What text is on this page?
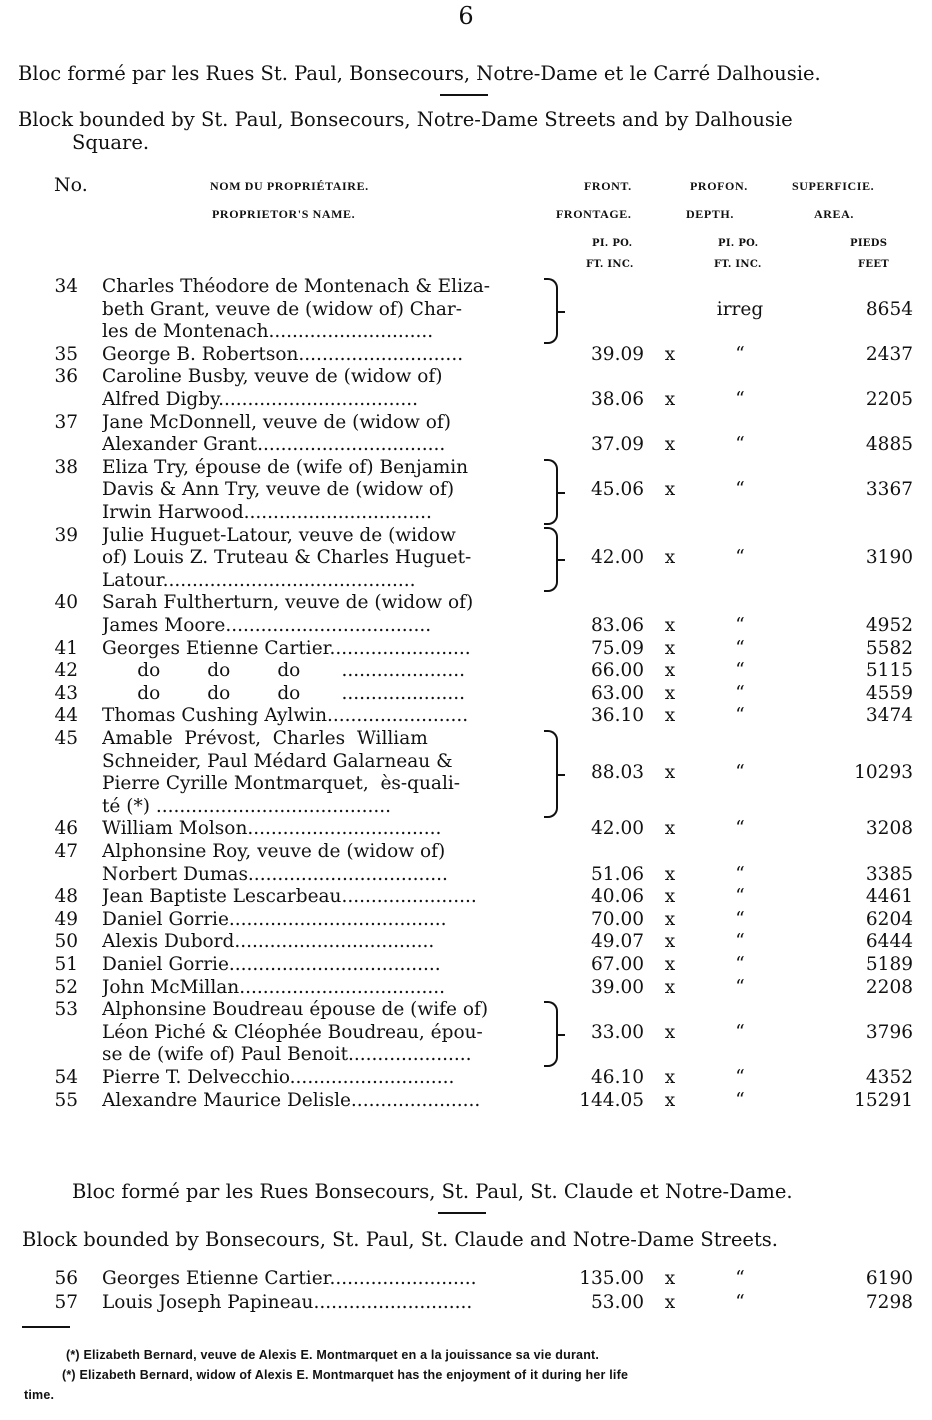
6
Bloc formé par les Rues St. Paul, Bonsecours, Notre-Dame et le Carré Dalhousie.
Block bounded by St. Paul, Bonsecours, Notre-Dame Streets and by Dalhousie
Square.
No.	NOM DU PROPRIÉTAIRE.
PROPRIETOR'S NAME.
FRONT.
FRONTAGE.
PI. PO.
FT. INC.
PROFON.
DEPTH.
PI. PO.
FT. INC.
SUPERFICIE.
AREA.
PIEDS
FEET
34 Charles Théodore de Montenach & Eliza-
beth Grant, veuve de (widow of) Char-
les de Montenach............................
irreg	8654
35 George B. Robertson............................	39.09 x	“	2437
36 Caroline Busby, veuve de (widow of)
Alfred Digby..................................	38.06 x	“	2205
37 Jane McDonnell, veuve de (widow of)
Alexander Grant................................	37.09 x	“	4885
38 Eliza Try, épouse de (wife of) Benjamin
Davis & Ann Try, veuve de (widow of)
Irwin Harwood................................
45.06 x	“	3367
39 Julie Huguet-Latour, veuve de (widow
of) Louis Z. Truteau & Charles Huguet-
Latour...........................................
42.00 x	“	3190
40 Sarah Fultherturn, veuve de (widow of)
James Moore...................................	83.06 x	“	4952
41 Georges Etienne Cartier........................	75.09 x	“	5582
42 do        do        do       .....................	66.00 x	“	5115
43 do        do        do       .....................	63.00 x	“	4559
44 Thomas Cushing Aylwin........................	36.10 x	“	3474
45 Amable  Prévost,  Charles  William
Schneider, Paul Médard Galarneau &
Pierre Cyrille Montmarquet,  ès-quali-
té (*) ........................................
88.03 x	“	10293
46 William Molson.................................	42.00 x	“	3208
47 Alphonsine Roy, veuve de (widow of)
Norbert Dumas..................................	51.06 x	“	3385
48 Jean Baptiste Lescarbeau.......................	40.06 x	“	4461
49 Daniel Gorrie.....................................	70.00 x	“	6204
50 Alexis Dubord..................................	49.07 x	“	6444
51 Daniel Gorrie....................................	67.00 x	“	5189
52 John McMillan...................................	39.00 x	“	2208
53 Alphonsine Boudreau épouse de (wife of)
Léon Piché & Cléophée Boudreau, épou-
se de (wife of) Paul Benoit.....................
33.00 x	“	3796
54 Pierre T. Delvecchio............................	46.10 x	“	4352
55 Alexandre Maurice Delisle......................	144.05 x	“	15291
Bloc formé par les Rues Bonsecours, St. Paul, St. Claude et Notre-Dame.
Block bounded by Bonsecours, St. Paul, St. Claude and Notre-Dame Streets.
56 Georges Etienne Cartier.........................	135.00 x	“	6190
57 Louis Joseph Papineau...........................	53.00 x	“	7298
(*) Elizabeth Bernard, veuve de Alexis E. Montmarquet en a la jouissance sa vie durant.
(*) Elizabeth Bernard, widow of Alexis E. Montmarquet has the enjoyment of it during her life
time.
